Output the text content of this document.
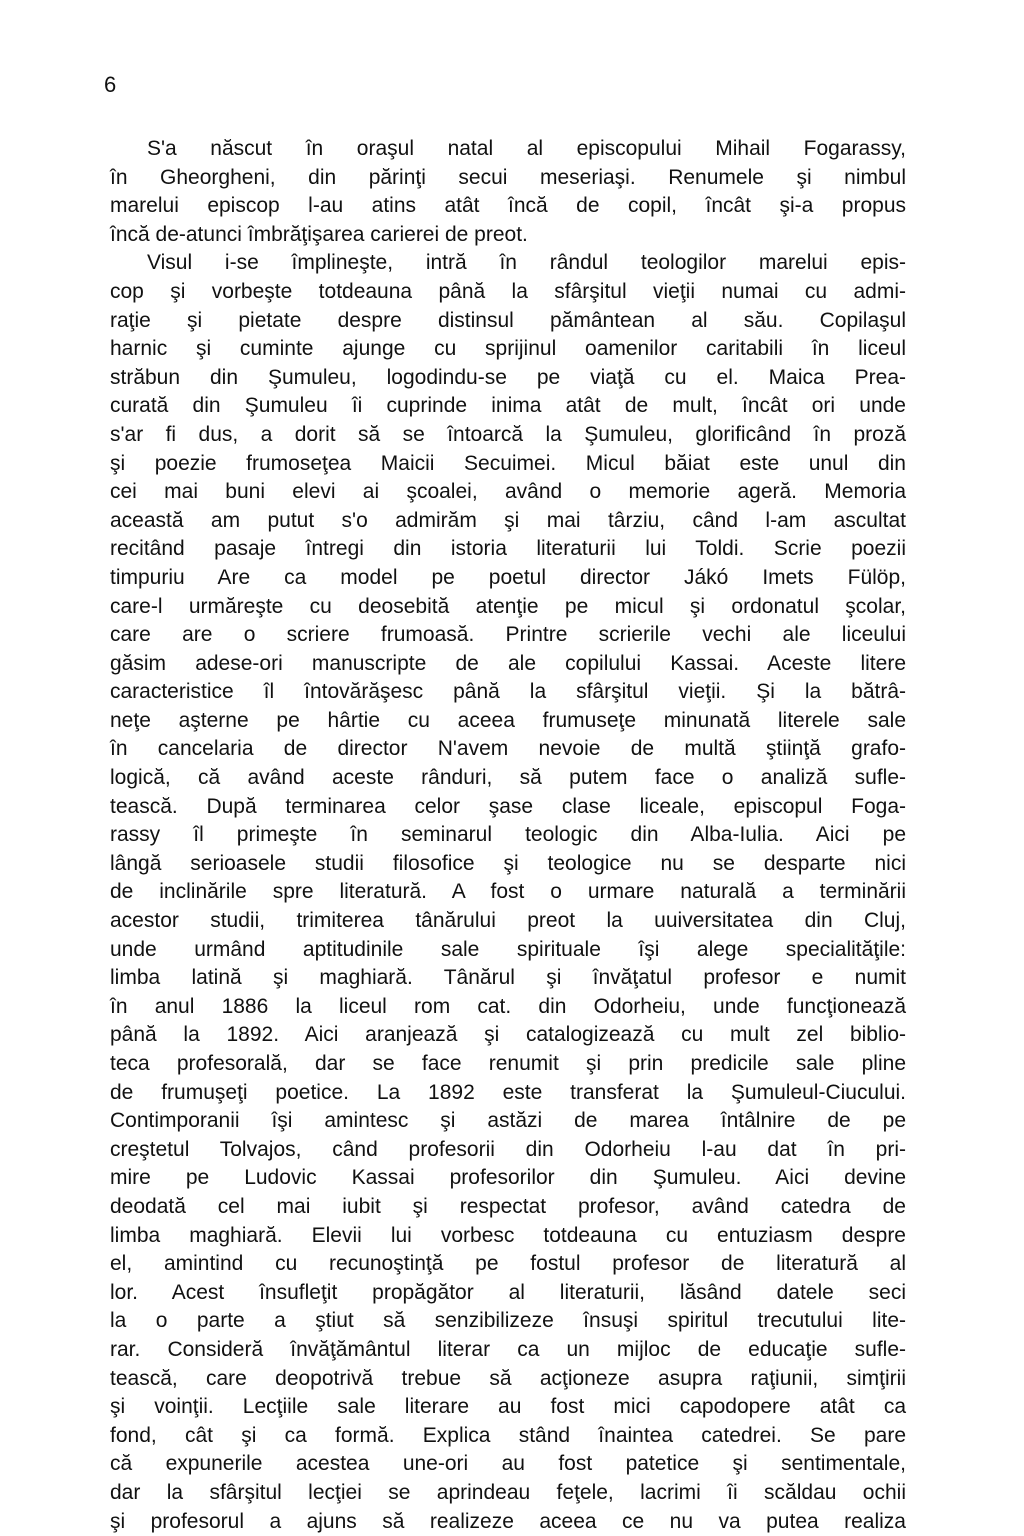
6
S'a născut în oraşul natal al episcopului Mihail Fogarassy,
în Gheorgheni, din părinţi secui meseriaşi. Renumele şi nimbul
marelui episcop l-au atins atât încă de copil, încât şi-a propus
încă de-atunci îmbrăţişarea carierei de preot.
Visul i-se împlineşte, intră în rândul teologilor marelui epis-
cop şi vorbeşte totdeauna până la sfârşitul vieţii numai cu admi-
raţie şi pietate despre distinsul pământean al său. Copilaşul
harnic şi cuminte ajunge cu sprijinul oamenilor caritabili în liceul
străbun din Şumuleu, logodindu-se pe viaţă cu el. Maica Prea-
curată din Şumuleu îi cuprinde inima atât de mult, încât ori unde
s'ar fi dus, a dorit să se întoarcă la Şumuleu, glorificând în proză
şi poezie frumoseţea Maicii Secuimei. Micul băiat este unul din
cei mai buni elevi ai şcoalei, având o memorie ageră. Memoria
această am putut s'o admirăm şi mai târziu, când l-am ascultat
recitând pasaje întregi din istoria literaturii lui Toldi. Scrie poezii
timpuriu Are ca model pe poetul director Jákó Imets Fülöp,
care-l urmăreşte cu deosebită atenţie pe micul şi ordonatul şcolar,
care are o scriere frumoasă. Printre scrierile vechi ale liceului
găsim adese-ori manuscripte de ale copilului Kassai. Aceste litere
caracteristice îl întovărăşesc până la sfârşitul vieţii. Şi la bătrâ-
neţe aşterne pe hârtie cu aceea frumuseţe minunată literele sale
în cancelaria de director N'avem nevoie de multă ştiinţă grafo-
logică, că având aceste rânduri, să putem face o analiză sufle-
tească. După terminarea celor şase clase liceale, episcopul Foga-
rassy îl primeşte în seminarul teologic din Alba-Iulia. Aici pe
lângă serioasele studii filosofice şi teologice nu se desparte nici
de inclinările spre literatură. A fost o urmare naturală a terminării
acestor studii, trimiterea tânărului preot la uuiversitatea din Cluj,
unde urmând aptitudinile sale spirituale îşi alege specialităţile:
limba latină şi maghiară. Tânărul şi învăţatul profesor e numit
în anul 1886 la liceul rom cat. din Odorheiu, unde funcţionează
până la 1892. Aici aranjează şi catalogizează cu mult zel biblio-
teca profesorală, dar se face renumit şi prin predicile sale pline
de frumuşeţi poetice. La 1892 este transferat la Şumuleul-Ciucului.
Contimporanii îşi amintesc şi astăzi de marea întâlnire de pe
creştetul Tolvajos, când profesorii din Odorheiu l-au dat în pri-
mire pe Ludovic Kassai profesorilor din Şumuleu. Aici devine
deodată cel mai iubit şi respectat profesor, având catedra de
limba maghiară. Elevii lui vorbesc totdeauna cu entuziasm despre
el, amintind cu recunoştinţă pe fostul profesor de literatură al
lor. Acest însufleţit propăgător al literaturii, lăsând datele seci
la o parte a ştiut să senzibilizeze însuşi spiritul trecutului lite-
rar. Consideră învăţământul literar ca un mijloc de educaţie sufle-
tească, care deopotrivă trebue să acţioneze asupra raţiunii, simţirii
şi voinţii. Lecţiile sale literare au fost mici capodopere atât ca
fond, cât şi ca formă. Explica stând înaintea catedrei. Se pare
că expunerile acestea une-ori au fost patetice şi sentimentale,
dar la sfârşitul lecţiei se aprindeau feţele, lacrimi îi scăldau ochii
şi profesorul a ajuns să realizeze aceea ce nu va putea realiza
